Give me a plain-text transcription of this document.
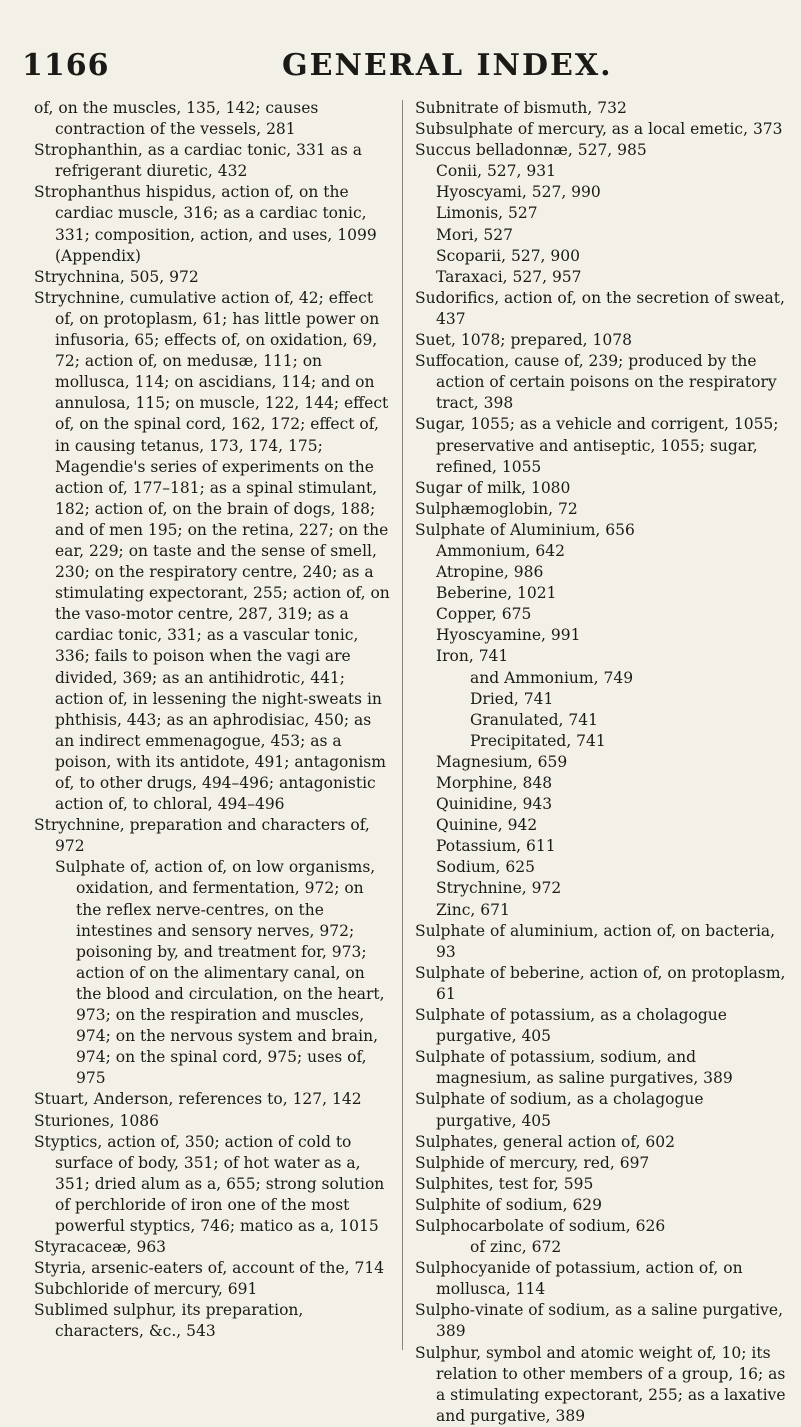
1166	GENERAL INDEX.

of, on the muscles, 135, 142; causes contraction of the vessels, 281

Strophanthin, as a cardiac tonic, 331 as a refrigerant diuretic, 432

Strophanthus hispidus, action of, on the cardiac muscle, 316; as a cardiac tonic, 331; composition, action, and uses, 1099 (Appendix)

Strychnina, 505, 972

Strychnine, cumulative action of, 42; effect of, on protoplasm, 61; has little power on infusoria, 65; effects of, on oxidation, 69, 72; action of, on medusæ, 111; on mollusca, 114; on ascidians, 114; and on annulosa, 115; on muscle, 122, 144; effect of, on the spinal cord, 162, 172; effect of, in causing tetanus, 173, 174, 175; Magendie's series of experiments on the action of, 177–181; as a spinal stimulant, 182; action of, on the brain of dogs, 188; and of men 195; on the retina, 227; on the ear, 229; on taste and the sense of smell, 230; on the respiratory centre, 240; as a stimulating expectorant, 255; action of, on the vaso-motor centre, 287, 319; as a cardiac tonic, 331; as a vascular tonic, 336; fails to poison when the vagi are divided, 369; as an antihidrotic, 441; action of, in lessening the night-sweats in phthisis, 443; as an aphrodisiac, 450; as an indirect emmenagogue, 453; as a poison, with its antidote, 491; antagonism of, to other drugs, 494–496; antagonistic action of, to chloral, 494–496

Strychnine, preparation and characters of, 972

Sulphate of, action of, on low organisms, oxidation, and fermentation, 972; on the reflex nerve-centres, on the intestines and sensory nerves, 972; poisoning by, and treatment for, 973; action of on the alimentary canal, on the blood and circulation, on the heart, 973; on the respiration and muscles, 974; on the nervous system and brain, 974; on the spinal cord, 975; uses of, 975

Stuart, Anderson, references to, 127, 142

Sturiones, 1086

Styptics, action of, 350; action of cold to surface of body, 351; of hot water as a, 351; dried alum as a, 655; strong solution of perchloride of iron one of the most powerful styptics, 746; matico as a, 1015

Styracaceæ, 963

Styria, arsenic-eaters of, account of the, 714

Subchloride of mercury, 691

Sublimed sulphur, its preparation, characters, &c., 543

Subnitrate of bismuth, 732

Subsulphate of mercury, as a local emetic, 373

Succus belladonnæ, 527, 985

Conii, 527, 931

Hyoscyami, 527, 990

Limonis, 527

Mori, 527

Scoparii, 527, 900

Taraxaci, 527, 957

Sudorifics, action of, on the secretion of sweat, 437

Suet, 1078; prepared, 1078

Suffocation, cause of, 239; produced by the action of certain poisons on the respiratory tract, 398

Sugar, 1055; as a vehicle and corrigent, 1055; preservative and antiseptic, 1055; sugar, refined, 1055

Sugar of milk, 1080

Sulphæmoglobin, 72

Sulphate of Aluminium, 656

Ammonium, 642

Atropine, 986

Beberine, 1021

Copper, 675

Hyoscyamine, 991

Iron, 741

and Ammonium, 749

Dried, 741

Granulated, 741

Precipitated, 741

Magnesium, 659

Morphine, 848

Quinidine, 943

Quinine, 942

Potassium, 611

Sodium, 625

Strychnine, 972

Zinc, 671

Sulphate of aluminium, action of, on bacteria, 93

Sulphate of beberine, action of, on protoplasm, 61

Sulphate of potassium, as a cholagogue purgative, 405

Sulphate of potassium, sodium, and magnesium, as saline purgatives, 389

Sulphate of sodium, as a cholagogue purgative, 405

Sulphates, general action of, 602

Sulphide of mercury, red, 697

Sulphites, test for, 595

Sulphite of sodium, 629

Sulphocarbolate of sodium, 626

of zinc, 672

Sulphocyanide of potassium, action of, on mollusca, 114

Sulpho-vinate of sodium, as a saline purgative, 389

Sulphur, symbol and atomic weight of, 10; its relation to other members of a group, 16; as a stimulating expectorant, 255; as a laxative and purgative, 389
